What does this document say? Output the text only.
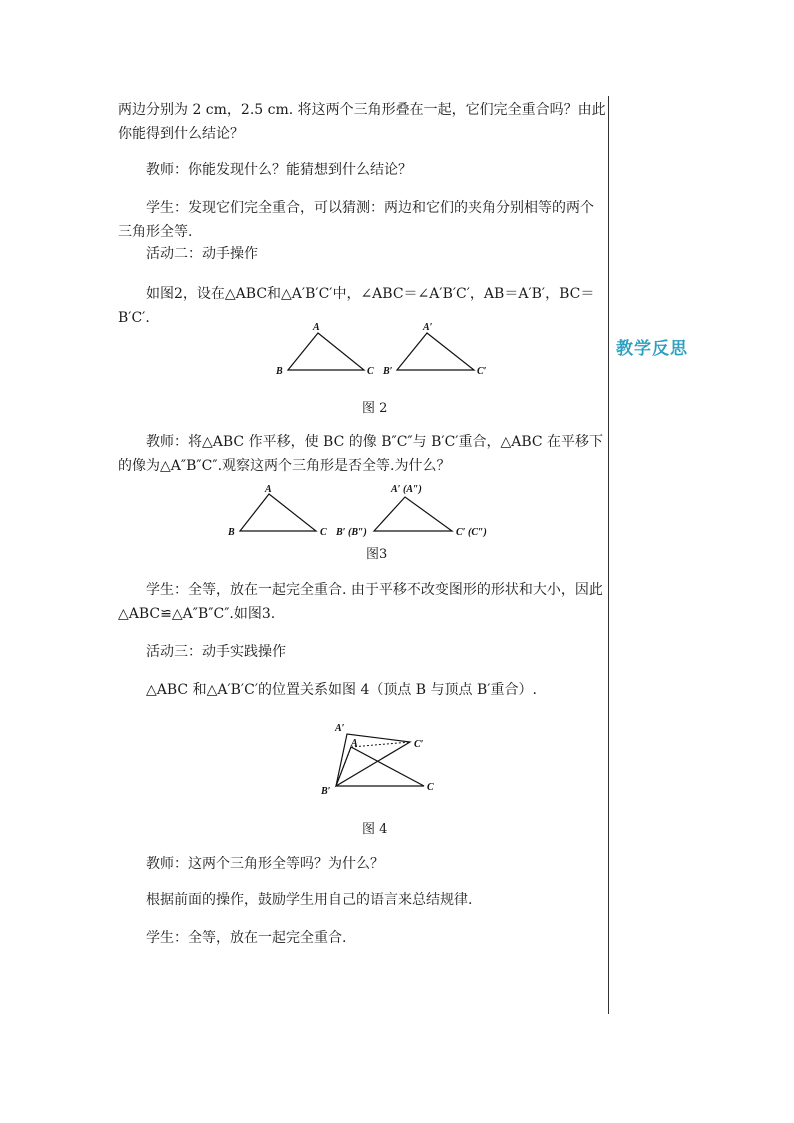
两边分别为 2 cm，2.5 cm. 将这两个三角形叠在一起，它们完全重合吗？由此你能得到什么结论？

教师：你能发现什么？能猜想到什么结论？

学生：发现它们完全重合，可以猜测：两边和它们的夹角分别相等的两个三角形全等.

活动二：动手操作

如图2，设在△ABC和△A′B′C′中，∠ABC＝∠A′B′C′，AB＝A′B′，BC＝B′C′.

A
B	C
A′
B′	C′
图 2

教师：将△ABC 作平移，使 BC 的像 B″C″与 B′C′重合，△ABC 在平移下的像为△A″B″C″.观察这两个三角形是否全等.为什么？

A
B	C
A′ (A″)
B′ (B″)	C′ (C″)
图3

学生：全等，放在一起完全重合. 由于平移不改变图形的形状和大小，因此△ABC≌△A″B″C″.如图3.

活动三：动手实践操作

△ABC 和△A′B′C′的位置关系如图 4（顶点 B 与顶点 B′重合）.

A′
A	C′
B′	C
图 4

教师：这两个三角形全等吗？为什么？

根据前面的操作，鼓励学生用自己的语言来总结规律.

学生：全等，放在一起完全重合.

教学反思
